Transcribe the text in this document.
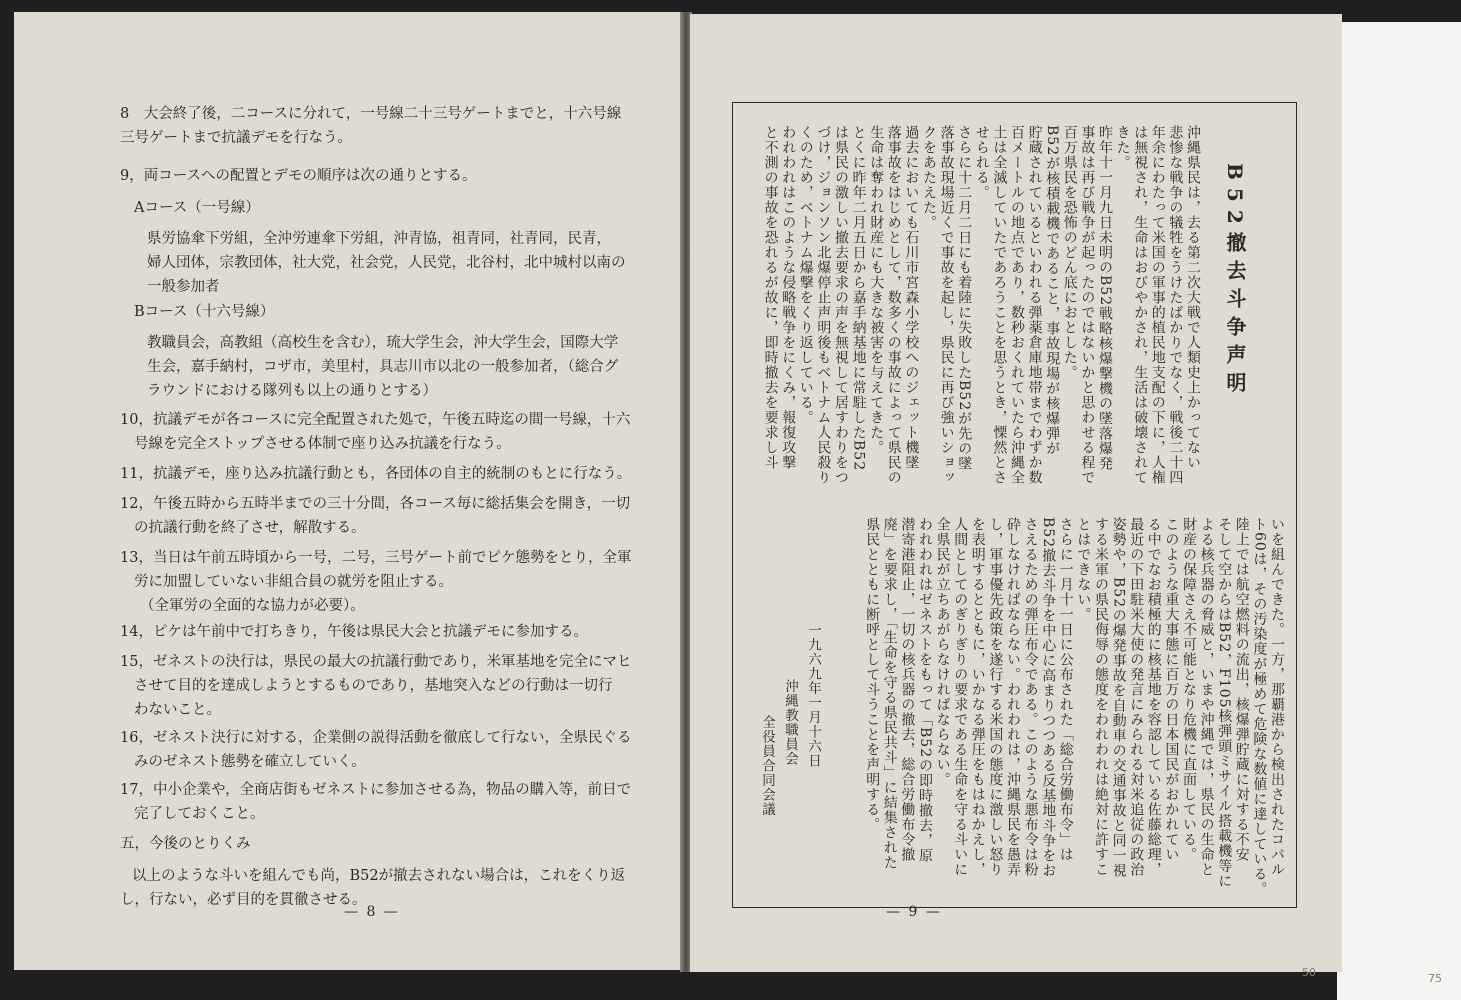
8　大会終了後，二コースに分れて，一号線二十三号ゲートまでと，十六号線
三号ゲートまで抗議デモを行なう。
9，両コースへの配置とデモの順序は次の通りとする。
Aコース（一号線）
県労協傘下労組，全沖労連傘下労組，沖青協，祖青同，社青同，民青，
婦人団体，宗教団体，社大党，社会党，人民党，北谷村，北中城村以南の
一般参加者
Bコース（十六号線）
教職員会，高教組（高校生を含む），琉大学生会，沖大学生会，国際大学
生会，嘉手納村，コザ市，美里村，具志川市以北の一般参加者，（総合グ
ラウンドにおける隊列も以上の通りとする）
10，抗議デモが各コースに完全配置された処で，午後五時迄の間一号線，十六
号線を完全ストップさせる体制で座り込み抗議を行なう。
11，抗議デモ，座り込み抗議行動とも，各団体の自主的統制のもとに行なう。
12，午後五時から五時半までの三十分間，各コース毎に総括集会を開き，一切
の抗議行動を終了させ，解散する。
13，当日は午前五時頃から一号，二号，三号ゲート前でピケ態勢をとり，全軍
労に加盟していない非組合員の就労を阻止する。
（全軍労の全面的な協力が必要）。
14，ピケは午前中で打ちきり，午後は県民大会と抗議デモに参加する。
15，ゼネストの決行は，県民の最大の抗議行動であり，米軍基地を完全にマヒ
させて目的を達成しようとするものであり，基地突入などの行動は一切行
わないこと。
16，ゼネスト決行に対する，企業側の説得活動を徹底して行ない，全県民ぐる
みのゼネスト態勢を確立していく。
17，中小企業や，全商店街もゼネストに参加させる為，物品の購入等，前日で
完了しておくこと。
五，今後のとりくみ
以上のような斗いを組んでも尚，B52が撤去されない場合は，これをくり返
し，行ない，必ず目的を貫徹させる。
— 8 —
B52撤去斗争声明
沖縄県民は，去る第二次大戦で人類史上かってない
悲惨な戦争の犠牲をうけたばかりでなく，戦後二十四
年余にわたって米国の軍事的植民地支配の下に，人権
は無視され，生命はおびやかされ，生活は破壊されて
きた。
昨年十一月九日未明のB52戦略核爆撃機の墜落爆発
事故は再び戦争が起ったのではないかと思わせる程で
百万県民を恐怖のどん底におとした。
B52が核積載機であること，事故現場が核爆弾が
貯蔵されているといわれる弾薬倉庫地帯までわずか数
百メートルの地点であり，数秒おくれていたら沖縄全
土は全滅していたであろうことを思うとき，慄然とさ
せられる。
さらに十二月二日にも着陸に失敗したB52が先の墜
落事故現場近くで事故を起し，県民に再び強いショッ
クをあたえた。
過去においても石川市宮森小学校へのジェット機墜
落事故をはじめとして，数多くの事故によって県民の
生命は奪われ財産にも大きな被害を与えてきた。
とくに昨年二月五日から嘉手納基地に常駐したB52
は県民の激しい撤去要求の声を無視して居すわりをつ
づけ，ジョンソン北爆停止声明後もベトナム人民殺り
くのため，ベトナム爆撃をくり返している。
われわれはこのような侵略戦争をにくみ，報復攻撃
と不測の事故を恐れるが故に，即時撤去を要求し斗
いを組んできた。一方，那覇港から検出されたコバル
ト60は，その汚染度が極めて危険な数値に達している。
陸上では航空燃料の流出，核爆弾貯蔵に対する不安
そして空からはB52，F105核弾頭ミサイル搭載機等に
よる核兵器の脅威と，いまや沖縄では，県民の生命と
財産の保障さえ不可能となり危機に直面している。
このような重大事態に百万の日本国民がおかれてい
る中でなお積極的に核基地を容認している佐藤総理，
最近の下田駐米大使の発言にみられる対米追従の政治
姿勢や，B52の爆発事故を自動車の交通事故と同一視
する米軍の県民侮辱の態度をわれわれは絶対に許すこ
とはできない。
さらに一月十一日に公布された「総合労働布令」は
B52撤去斗争を中心に高まりつつある反基地斗争をお
さえるための弾圧布令である。このような悪布令は粉
砕しなければならない。われわれは，沖縄県民を愚弄
し，軍事優先政策を遂行する米国の態度に激しい怒り
を表明するとともに，いかなる弾圧をもはねかえし，
人間としてのぎりぎりの要求である生命を守る斗いに
全県民が立ちあがらなければならない。
われわれはゼネストをもって「B52の即時撤去，原
潜寄港阻止，一切の核兵器の撤去，総合労働布令撤
廃」を要求し，「生命を守る県民共斗」に結集された
県民とともに断呼として斗うことを声明する。
一九六九年一月十六日
沖縄教職員会
全役員合同会議
— 9 —
50	75
